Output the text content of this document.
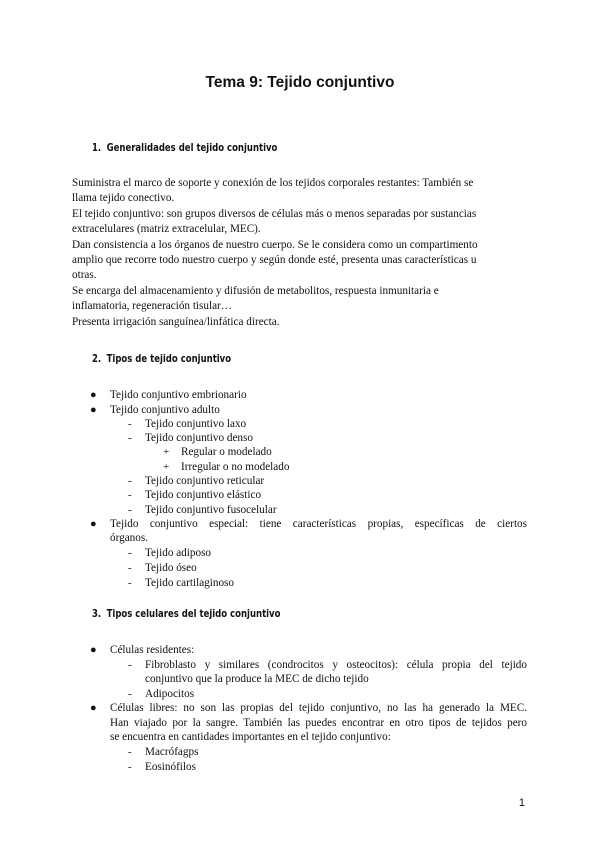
Tema 9: Tejido conjuntivo
1. Generalidades del tejido conjuntivo
Suministra el marco de soporte y conexión de los tejidos corporales restantes: También se
llama tejido conectivo.
El tejido conjuntivo: son grupos diversos de células más o menos separadas por sustancias
extracelulares (matriz extracelular, MEC).
Dan consistencia a los órganos de nuestro cuerpo. Se le considera como un compartimento
amplio que recorre todo nuestro cuerpo y según donde esté, presenta unas características u
otras.
Se encarga del almacenamiento y difusión de metabolitos, respuesta inmunitaria e
inflamatoria, regeneración tisular…
Presenta irrigación sanguínea/linfática directa.
2. Tipos de tejido conjuntivo
● Tejido conjuntivo embrionario
● Tejido conjuntivo adulto
- Tejido conjuntivo laxo
- Tejido conjuntivo denso
+ Regular o modelado
+ Irregular o no modelado
- Tejido conjuntivo reticular
- Tejido conjuntivo elástico
- Tejido conjuntivo fusocelular
● Tejido conjuntivo especial: tiene características propias, específicas de ciertos
órganos.
- Tejido adiposo
- Tejido óseo
- Tejido cartilaginoso
3. Tipos celulares del tejido conjuntivo
● Células residentes:
- Fibroblasto y similares (condrocitos y osteocitos): célula propia del tejido
conjuntivo que la produce la MEC de dicho tejido
- Adipocitos
● Células libres: no son las propias del tejido conjuntivo, no las ha generado la MEC.
Han viajado por la sangre. También las puedes encontrar en otro tipos de tejidos pero
se encuentra en cantidades importantes en el tejido conjuntivo:
- Macrófagps
- Eosinófilos
1
